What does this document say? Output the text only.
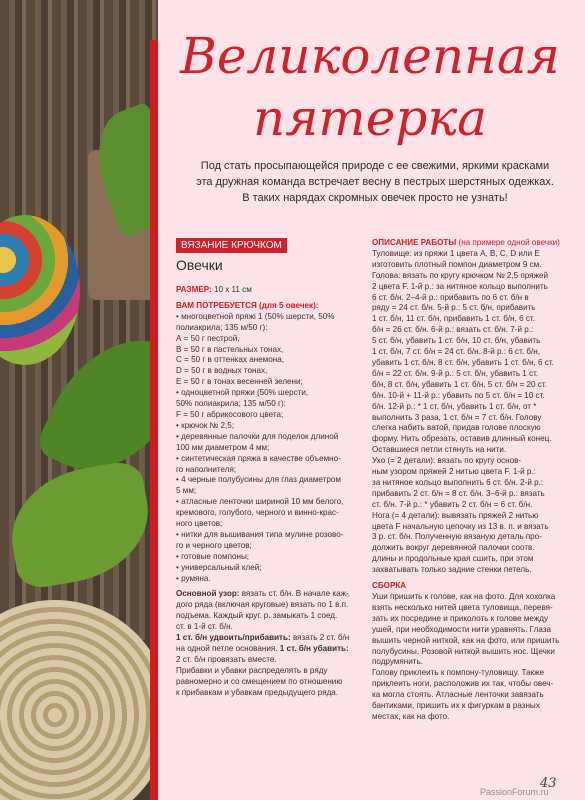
Великолепная
пятерка

Под стать просыпающейся природе с ее свежими, яркими красками
эта дружная команда встречает весну в пестрых шерстяных одежках.
В таких нарядах скромных овечек просто не узнать!

ВЯЗАНИЕ КРЮЧКОМ

Овечки

РАЗМЕР: 10 х 11 см

ВАМ ПОТРЕБУЕТСЯ (для 5 овечек):

• многоцветной пряжі 1 (50% шерсти, 50%

полиакрила; 135 м/50 г):

А = 50 г пестрой,

В = 50 г в пастельных тонах,

С = 50 г в оттенках анемона,

D = 50 г в водных тонах,

Е = 50 г в тонах весенней зелени;

• одноцветной пряжи (50% шерсти,

50% полиакрила; 135 м/50 г):

F = 50 г абрикосового цвета;

• крючок № 2,5;

• деревянные палочки для поделок длиной

100 мм диаметром 4 мм;

• синтетическая пряжа в качестве объемно-

го наполнителя;

• 4 черные полубусины для глаз диаметром

5 мм;

• атласные ленточки шириной 10 мм белого,

кремового, голубого, черного и винно-крас-

ного цветов;

• нитки для вышивания типа мулине розово-

го и черного цветов;

• готовые помпоны;

• универсальный клей;

• румяна.

Основной узор: вязать ст. б/н. В начале каж-

дого ряда (включая круговые) вязать по 1 в.п.

подъема. Каждый круг. р. замыкать 1 соед.

ст. в 1-й ст. б/н.

1 ст. б/н удвоить/прибавить: вязать 2 ст. б/н

на одной петле основания. 1 ст. б/н убавить:

2 ст. б/н провязать вместе.

Прибавки и убавки распределять в ряду

равномерно и со смещением по отношению

к прибавкам и убавкам предыдущего ряда.

ОПИСАНИЕ РАБОТЫ (на примере одной овечки)

Туловище: из пряжи 1 цвета А, В, С, D или Е

изготовить плотный помпон диаметром 9 см.

Голова: вязать по кругу крючком № 2,5 пряжей

2 цвета F. 1-й р.: за нитяное кольцо выполнить

6 ст. б/н. 2–4-й р.: прибавить по 6 ст. б/н в

ряду = 24 ст. б/н. 5-й р.: 5 ст. б/н, прибавить

1 ст. б/н, 11 ст. б/н, прибавить 1 ст. б/н, 6 ст.

б/н = 26 ст. б/н. 6-й р.: вязать ст. б/н. 7-й р.:

5 ст. б/н, убавить 1 ст. б/н, 10 ст. б/н, убавить

1 ст. б/н, 7 ст. б/н = 24 ст. б/н. 8-й р.: 6 ст. б/н,

убавить 1 ст. б/н, 8 ст. б/н, убавить 1 ст. б/н, 6 ст.

б/н = 22 ст. б/н. 9-й р.: 5 ст. б/н, убавить 1 ст.

б/н, 8 ст. б/н, убавить 1 ст. б/н, 5 ст. б/н = 20 ст.

б/н. 10-й + 11-й р.: убавить по 5 ст. б/н = 10 ст.

б/н. 12-й р.: * 1 ст. б/н, убавить 1 ст. б/н, от *

выполнить 3 раза, 1 ст. б/н = 7 ст. б/н. Голову

слегка набить ватой, придав голове плоскую

форму. Нить обрезать, оставив длинный конец.

Оставшиеся петли стянуть на нити.

Ухо (= 2 детали): вязать по кругу основ-

ным узором пряжей 2 нитью цвета F. 1-й р.:

за нитяное кольцо выполнить 6 ст. б/н. 2-й р.:

прибавить 2 ст. б/н = 8 ст. б/н. 3–6-й р.: вязать

ст. б/н. 7-й р.: * убавить 2 ст. б/н = 6 ст. б/н.

Нога (= 4 детали): вывязать пряжей 2 нитью

цвета F начальную цепочку из 13 в. п. и вязать

3 р. ст. б/н. Полученную вязаную деталь про-

должить вокруг деревянной палочки соотв.

длины и продольные края сшить, при этом

захватывать только задние стенки петель.

СБОРКА

Уши пришить к голове, как на фото. Для хохолка

взять несколько нитей цвета туловища, перевя-

зать их посредине и приколоть к голове между

ушей, при необходимости нити уравнять. Глаза

вышить черной ниткой, как на фото, или пришить

полубусины. Розовой ниткой вышить нос. Щечки

подрумянить.

Голову приклеить к помпону-туловищу. Также

приклеить ноги, расположив их так, чтобы овеч-

ка могла стоять. Атласные ленточки завязать

бантиками, пришить их к фигуркам в разных

местах, как на фото.

43
PassionForum.ru
